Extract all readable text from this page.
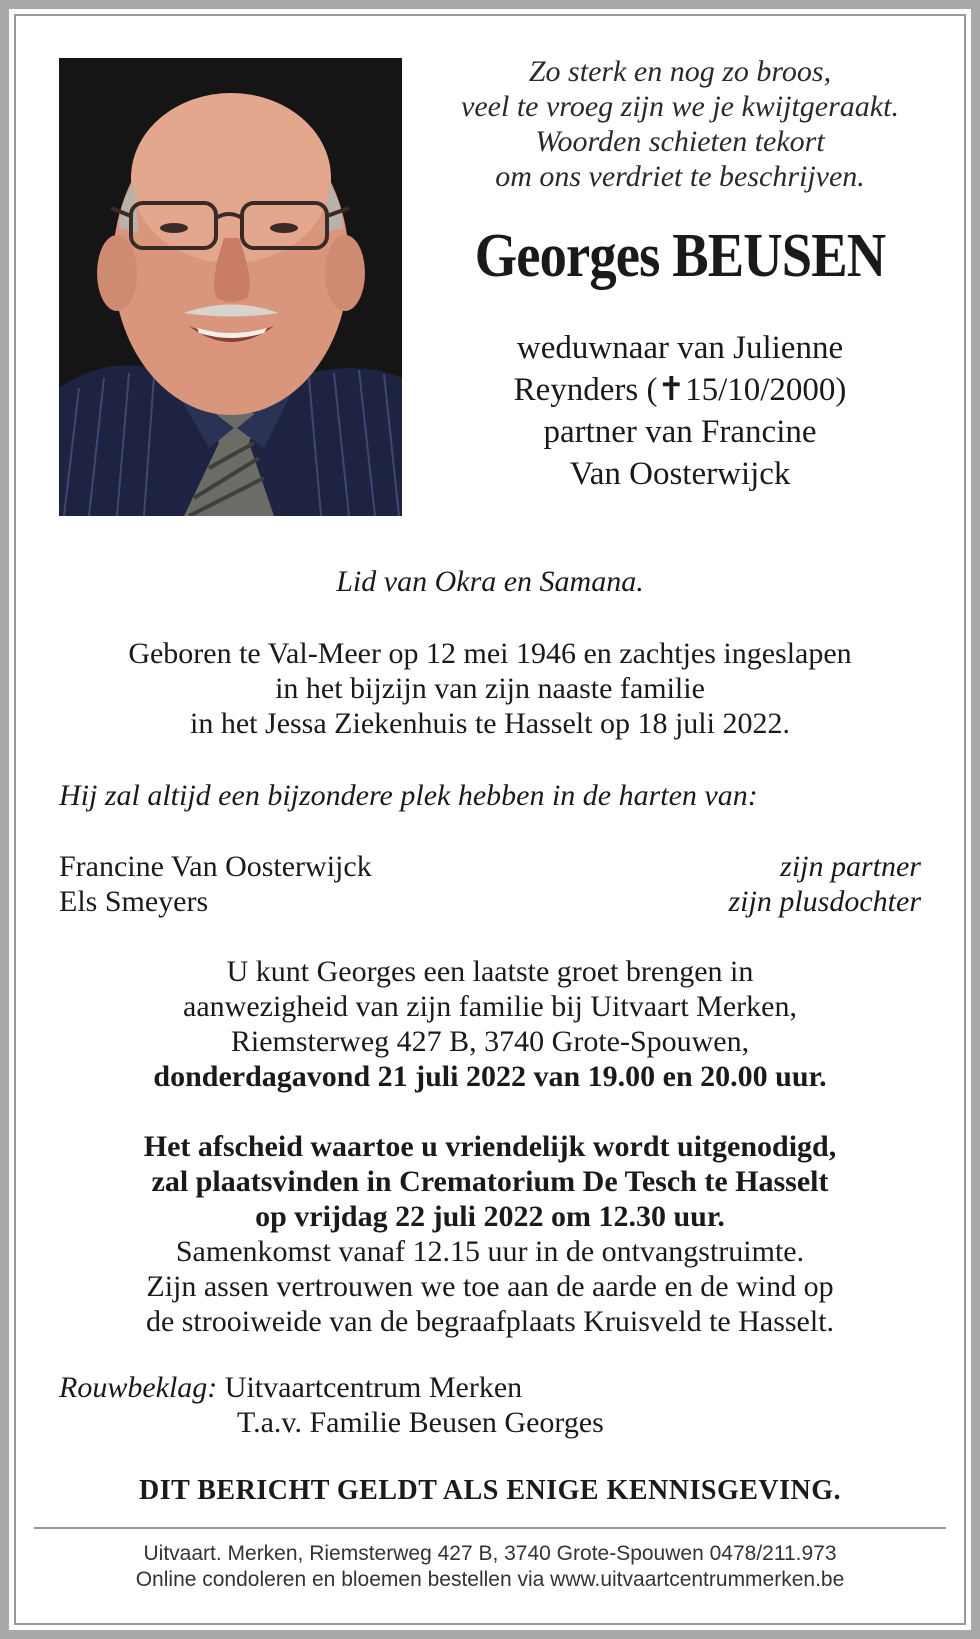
Zo sterk en nog zo broos,
veel te vroeg zijn we je kwijtgeraakt.
Woorden schieten tekort
om ons verdriet te beschrijven.
Georges BEUSEN
weduwnaar van Julienne
Reynders (✝15/10/2000)
partner van Francine
Van Oosterwijck
Lid van Okra en Samana.
Geboren te Val-Meer op 12 mei 1946 en zachtjes ingeslapen
in het bijzijn van zijn naaste familie
in het Jessa Ziekenhuis te Hasselt op 18 juli 2022.
Hij zal altijd een bijzondere plek hebben in de harten van:
Francine Van Oosterwijck	zijn partner
Els Smeyers	zijn plusdochter
U kunt Georges een laatste groet brengen in
aanwezigheid van zijn familie bij Uitvaart Merken,
Riemsterweg 427 B, 3740 Grote-Spouwen,
donderdagavond 21 juli 2022 van 19.00 en 20.00 uur.
Het afscheid waartoe u vriendelijk wordt uitgenodigd,
zal plaatsvinden in Crematorium De Tesch te Hasselt
op vrijdag 22 juli 2022 om 12.30 uur.
Samenkomst vanaf 12.15 uur in de ontvangstruimte.
Zijn assen vertrouwen we toe aan de aarde en de wind op
de strooiweide van de begraafplaats Kruisveld te Hasselt.
Rouwbeklag: Uitvaartcentrum Merken
T.a.v. Familie Beusen Georges
DIT BERICHT GELDT ALS ENIGE KENNISGEVING.
Uitvaart. Merken, Riemsterweg 427 B, 3740 Grote-Spouwen 0478/211.973
Online condoleren en bloemen bestellen via www.uitvaartcentrummerken.be
